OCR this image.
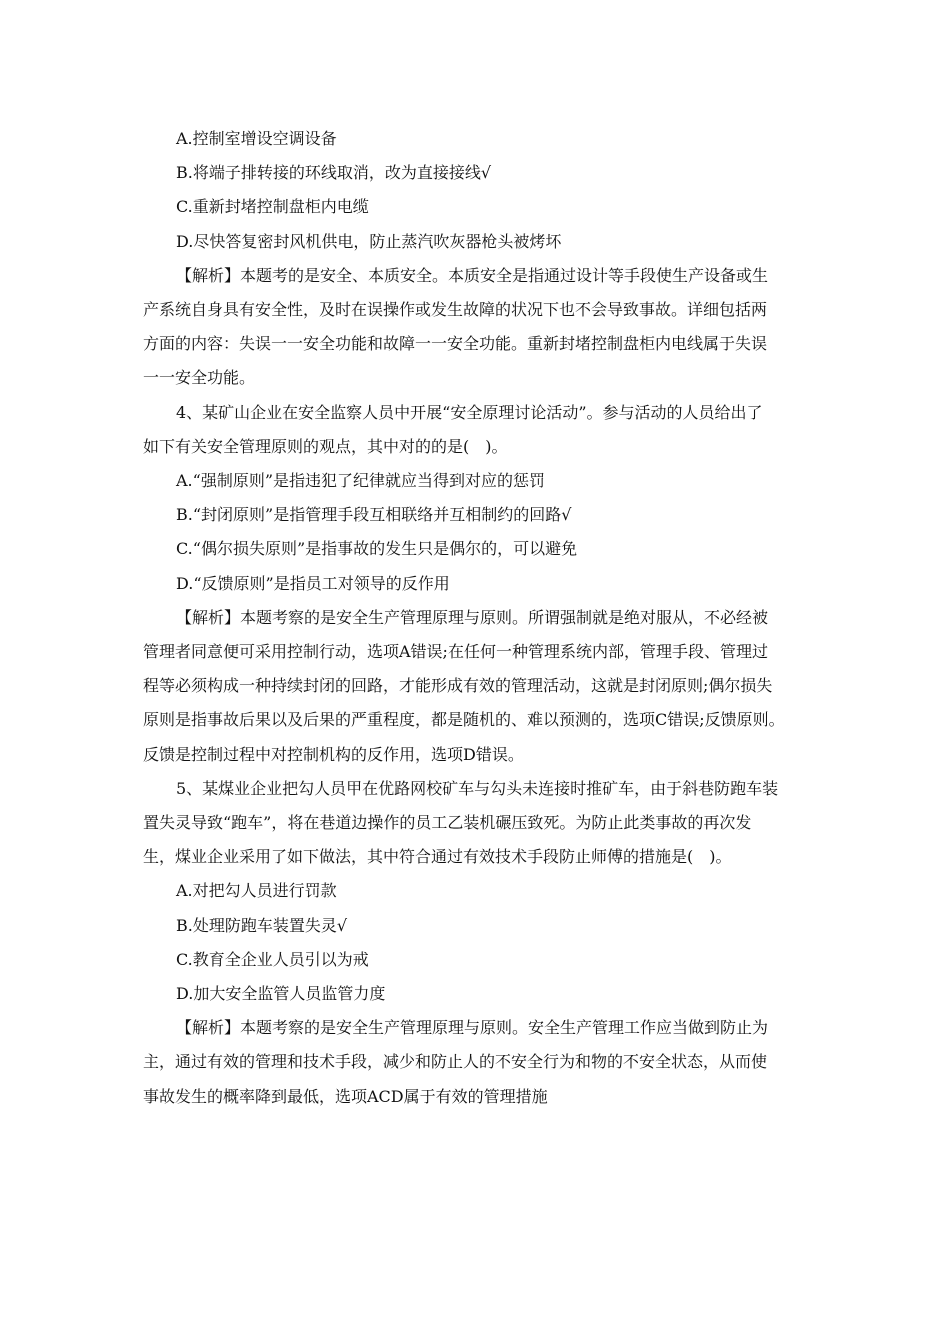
A.控制室增设空调设备

B.将端子排转接的环线取消，改为直接接线√

C.重新封堵控制盘柜内电缆

D.尽快答复密封风机供电，防止蒸汽吹灰器枪头被烤坏

【解析】本题考的是安全、本质安全。本质安全是指通过设计等手段使生产设备或生
产系统自身具有安全性，及时在误操作或发生故障的状况下也不会导致事故。详细包括两
方面的内容：失误一一安全功能和故障一一安全功能。重新封堵控制盘柜内电线属于失误
一一安全功能。

4、某矿山企业在安全监察人员中开展“安全原理讨论活动”。参与活动的人员给出了
如下有关安全管理原则的观点，其中对的的是(　)。

A.“强制原则”是指违犯了纪律就应当得到对应的惩罚

B.“封闭原则”是指管理手段互相联络并互相制约的回路√

C.“偶尔损失原则”是指事故的发生只是偶尔的，可以避免

D.“反馈原则”是指员工对领导的反作用

【解析】本题考察的是安全生产管理原理与原则。所谓强制就是绝对服从，不必经被
管理者同意便可采用控制行动，选项A错误;在任何一种管理系统内部，管理手段、管理过
程等必须构成一种持续封闭的回路，才能形成有效的管理活动，这就是封闭原则;偶尔损失
原则是指事故后果以及后果的严重程度，都是随机的、难以预测的，选项C错误;反馈原则。
反馈是控制过程中对控制机构的反作用，选项D错误。

5、某煤业企业把勾人员甲在优路网校矿车与勾头未连接时推矿车，由于斜巷防跑车装
置失灵导致“跑车”，将在巷道边操作的员工乙装机碾压致死。为防止此类事故的再次发
生，煤业企业采用了如下做法，其中符合通过有效技术手段防止师傅的措施是(　)。

A.对把勾人员进行罚款

B.处理防跑车装置失灵√

C.教育全企业人员引以为戒

D.加大安全监管人员监管力度

【解析】本题考察的是安全生产管理原理与原则。安全生产管理工作应当做到防止为
主，通过有效的管理和技术手段，减少和防止人的不安全行为和物的不安全状态，从而使
事故发生的概率降到最低，选项ACD属于有效的管理措施
